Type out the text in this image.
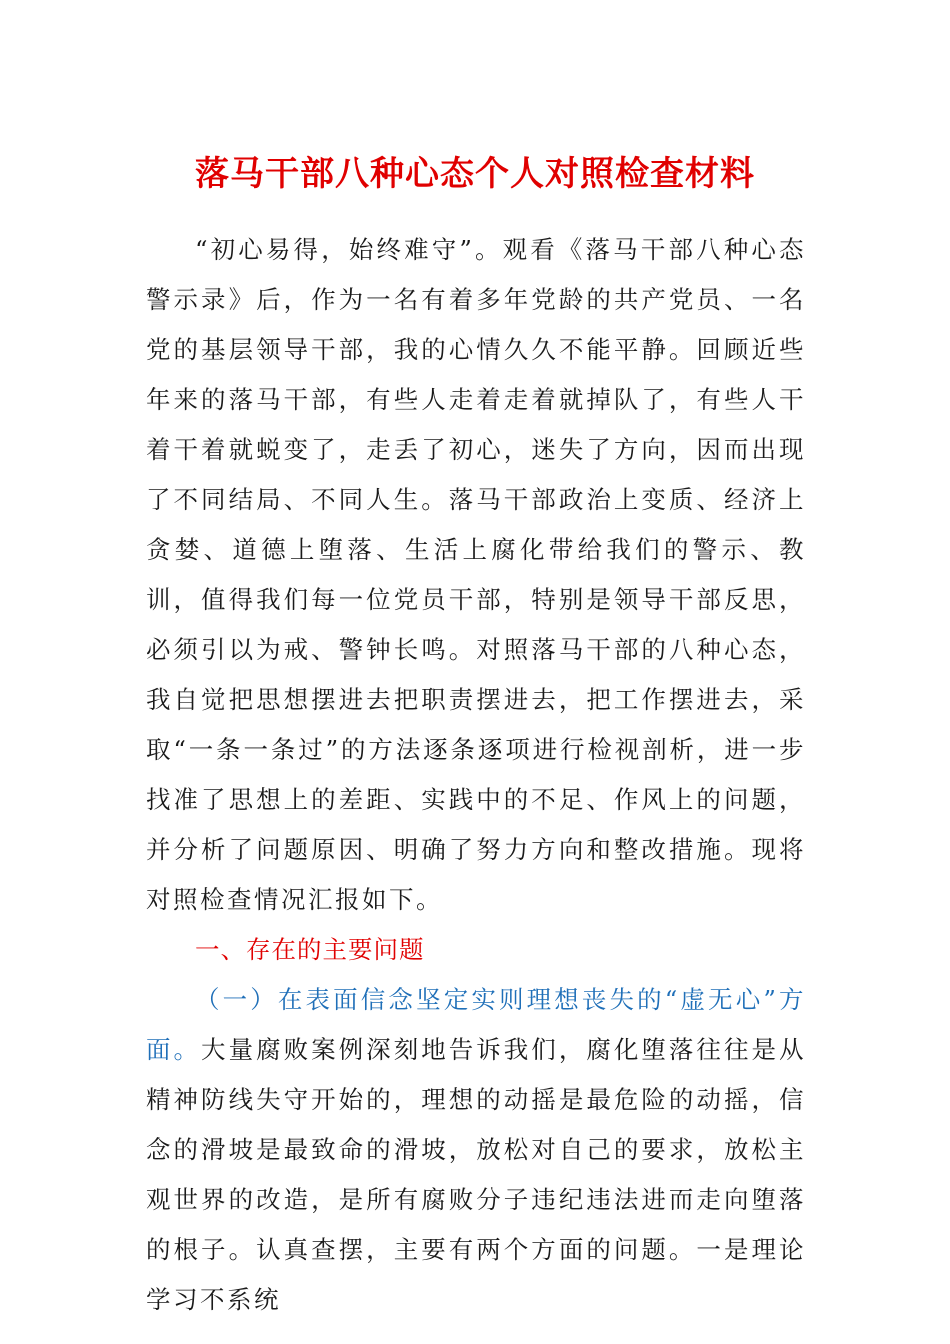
落马干部八种心态个人对照检查材料

“初心易得，始终难守”。观看《落马干部八种心态警示录》后，作为一名有着多年党龄的共产党员、一名党的基层领导干部，我的心情久久不能平静。回顾近些年来的落马干部，有些人走着走着就掉队了，有些人干着干着就蜕变了，走丢了初心，迷失了方向，因而出现了不同结局、不同人生。落马干部政治上变质、经济上贪婪、道德上堕落、生活上腐化带给我们的警示、教训，值得我们每一位党员干部，特别是领导干部反思，必须引以为戒、警钟长鸣。对照落马干部的八种心态，我自觉把思想摆进去把职责摆进去，把工作摆进去，采取“一条一条过”的方法逐条逐项进行检视剖析，进一步找准了思想上的差距、实践中的不足、作风上的问题，并分析了问题原因、明确了努力方向和整改措施。现将对照检查情况汇报如下。

一、存在的主要问题

（一）在表面信念坚定实则理想丧失的“虚无心”方面。大量腐败案例深刻地告诉我们，腐化堕落往往是从精神防线失守开始的，理想的动摇是最危险的动摇，信念的滑坡是最致命的滑坡，放松对自己的要求，放松主观世界的改造，是所有腐败分子违纪违法进而走向堕落的根子。认真查摆，主要有两个方面的问题。一是理论学习不系统
